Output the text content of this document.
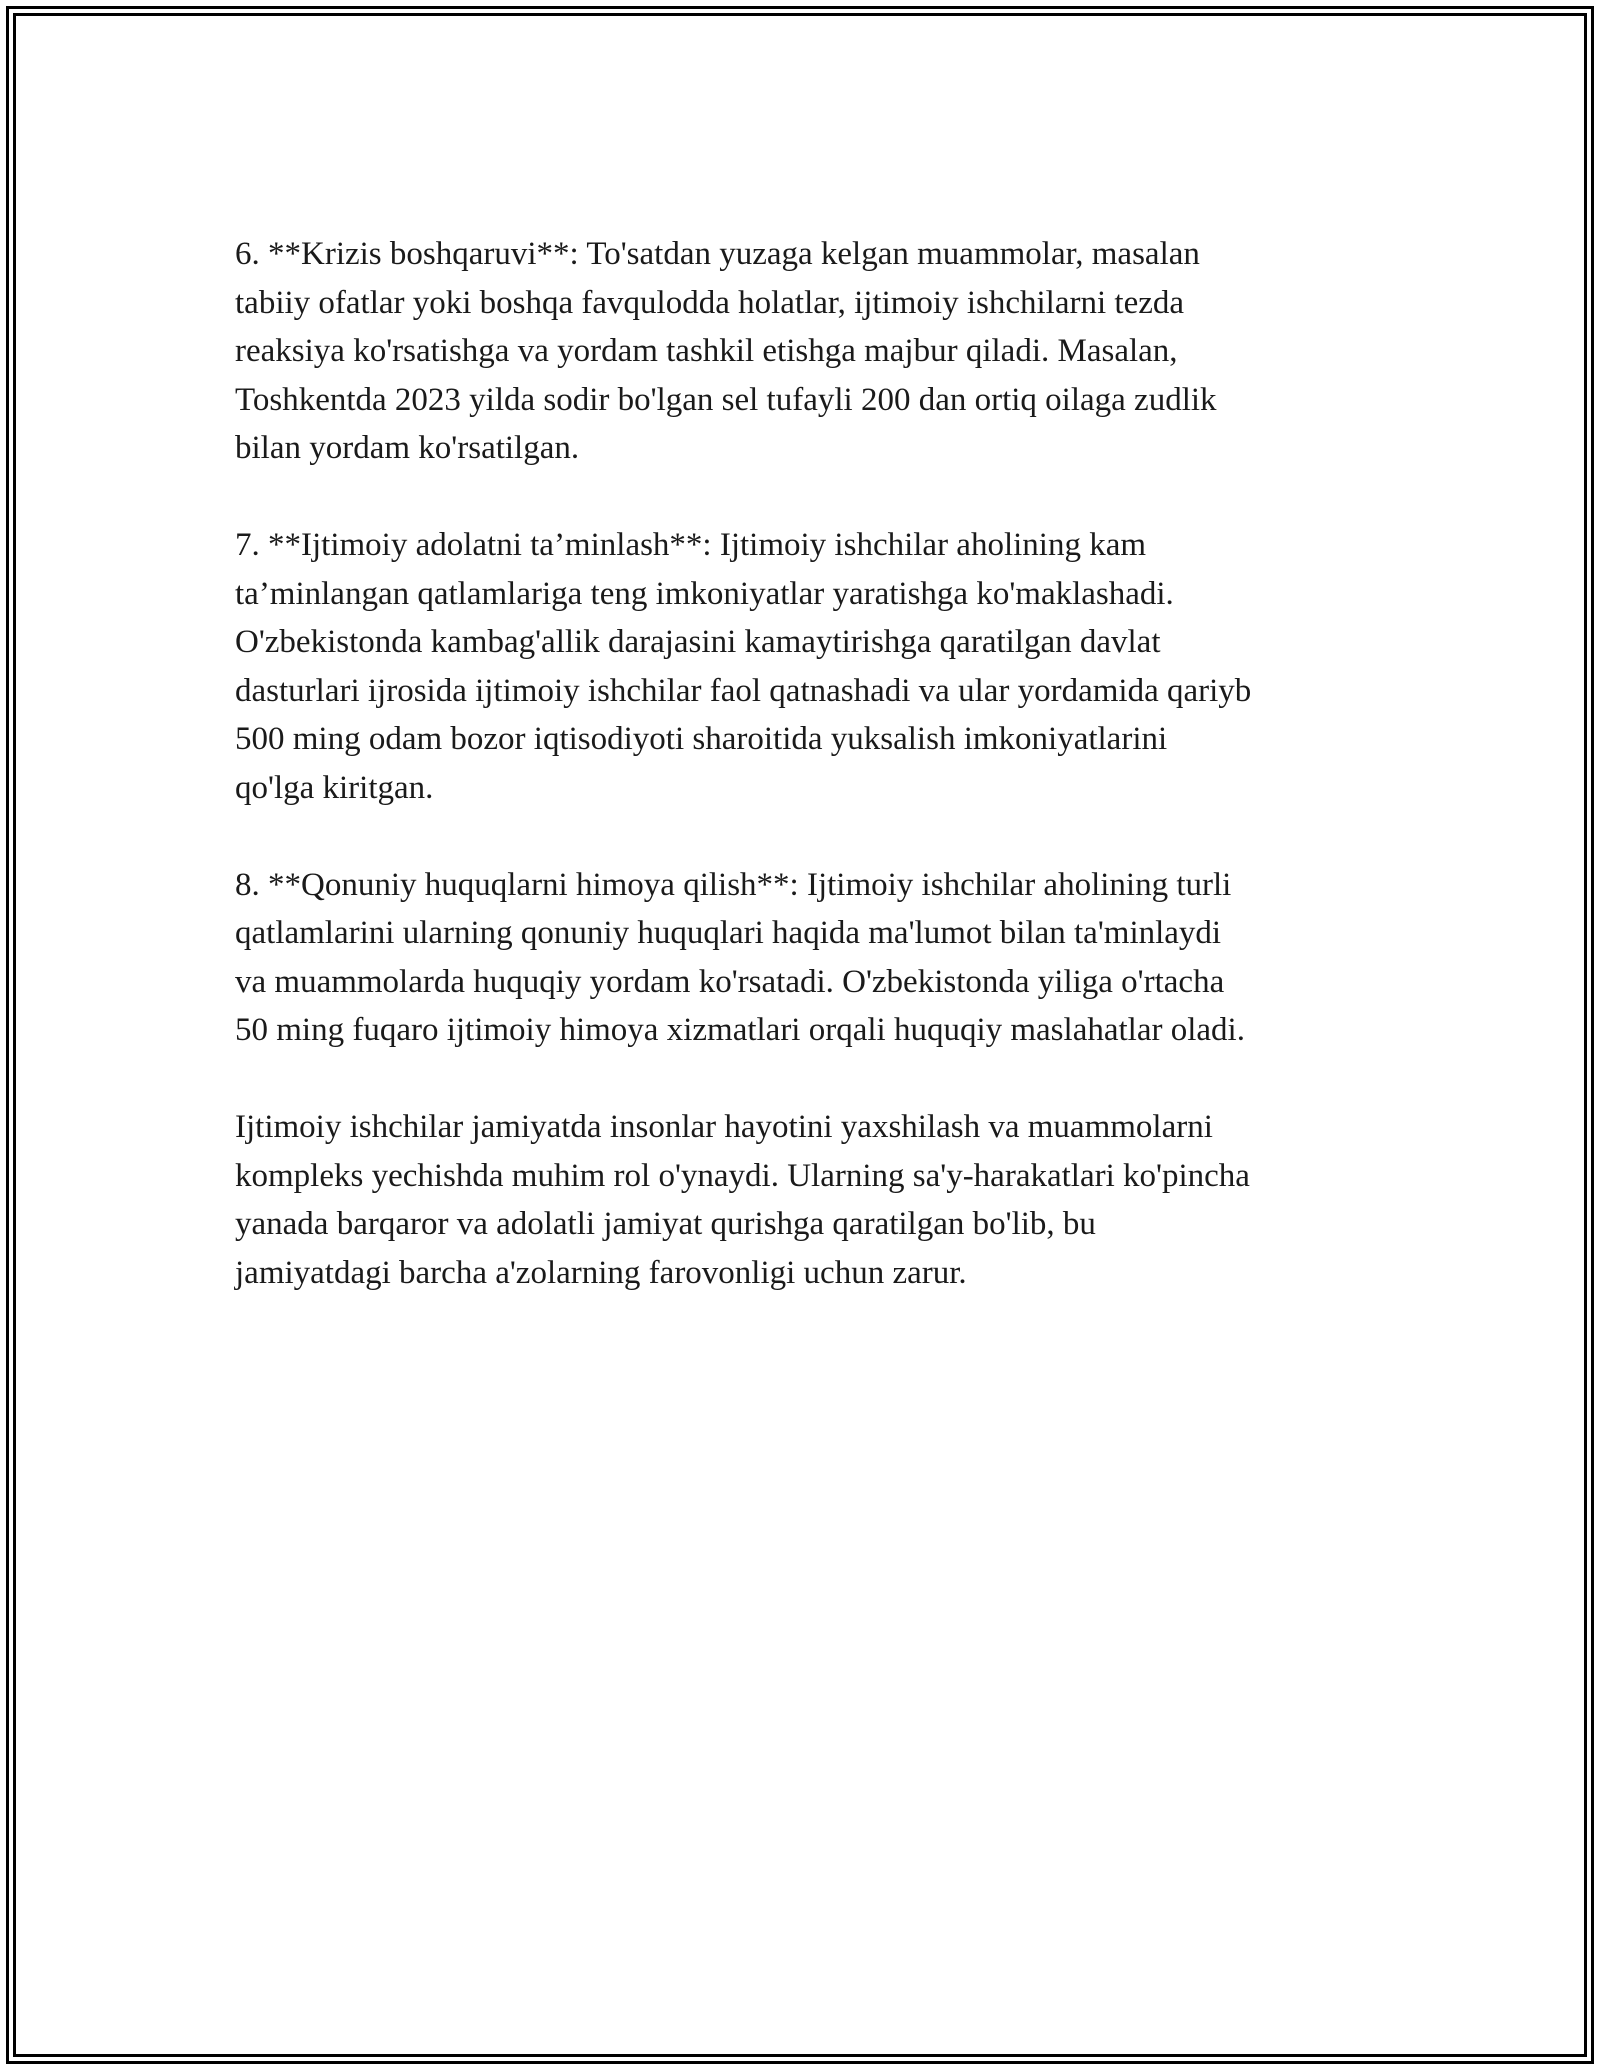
6. **Krizis boshqaruvi**: To'satdan yuzaga kelgan muammolar, masalan
tabiiy ofatlar yoki boshqa favqulodda holatlar, ijtimoiy ishchilarni tezda
reaksiya ko'rsatishga va yordam tashkil etishga majbur qiladi. Masalan,
Toshkentda 2023 yilda sodir bo'lgan sel tufayli 200 dan ortiq oilaga zudlik
bilan yordam ko'rsatilgan.

7. **Ijtimoiy adolatni ta’minlash**: Ijtimoiy ishchilar aholining kam
ta’minlangan qatlamlariga teng imkoniyatlar yaratishga ko'maklashadi.
O'zbekistonda kambag'allik darajasini kamaytirishga qaratilgan davlat
dasturlari ijrosida ijtimoiy ishchilar faol qatnashadi va ular yordamida qariyb
500 ming odam bozor iqtisodiyoti sharoitida yuksalish imkoniyatlarini
qo'lga kiritgan.

8. **Qonuniy huquqlarni himoya qilish**: Ijtimoiy ishchilar aholining turli
qatlamlarini ularning qonuniy huquqlari haqida ma'lumot bilan ta'minlaydi
va muammolarda huquqiy yordam ko'rsatadi. O'zbekistonda yiliga o'rtacha
50 ming fuqaro ijtimoiy himoya xizmatlari orqali huquqiy maslahatlar oladi.

Ijtimoiy ishchilar jamiyatda insonlar hayotini yaxshilash va muammolarni
kompleks yechishda muhim rol o'ynaydi. Ularning sa'y-harakatlari ko'pincha
yanada barqaror va adolatli jamiyat qurishga qaratilgan bo'lib, bu
jamiyatdagi barcha a'zolarning farovonligi uchun zarur.
